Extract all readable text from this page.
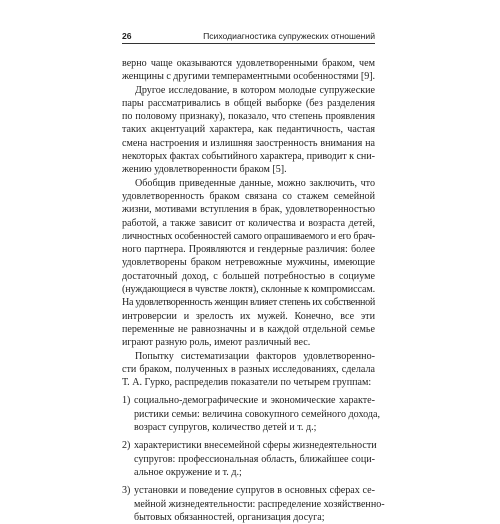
26	Психодиагностика супружеских отношений

верно чаще оказываются удовлетворенными браком, чем
женщины с другими темпераментными особенностями [9].

Другое исследование, в котором молодые супружеские
пары рассматривались в общей выборке (без разделения
по половому признаку), показало, что степень проявления
таких акцентуаций характера, как педантичность, частая
смена настроения и излишняя заостренность внимания на
некоторых фактах событийного характера, приводит к сни-
жению удовлетворенности браком [5].

Обобщив приведенные данные, можно заключить, что
удовлетворенность браком связана со стажем семейной
жизни, мотивами вступления в брак, удовлетворенностью
работой, а также зависит от количества и возраста детей,
личностных особенностей самого опрашиваемого и его брач-
ного партнера. Проявляются и гендерные различия: более
удовлетворены браком нетревожные мужчины, имеющие
достаточный доход, с большей потребностью в социуме
(нуждающиеся в чувстве локтя), склонные к компромиссам.
На удовлетворенность женщин влияет степень их собственной
интроверсии и зрелость их мужей. Конечно, все эти
переменные не равнозначны и в каждой отдельной семье
играют разную роль, имеют различный вес.

Попытку систематизации факторов удовлетворенно-
сти браком, полученных в разных исследованиях, сделала
Т. А. Гурко, распределив показатели по четырем группам:

1) социально-демографические и экономические характе-
ристики семьи: величина совокупного семейного дохода,
возраст супругов, количество детей и т. д.;
2) характеристики внесемейной сферы жизнедеятельности
супругов: профессиональная область, ближайшее соци-
альное окружение и т. д.;
3) установки и поведение супругов в основных сферах се-
мейной жизнедеятельности: распределение хозяйственно-
бытовых обязанностей, организация досуга;
